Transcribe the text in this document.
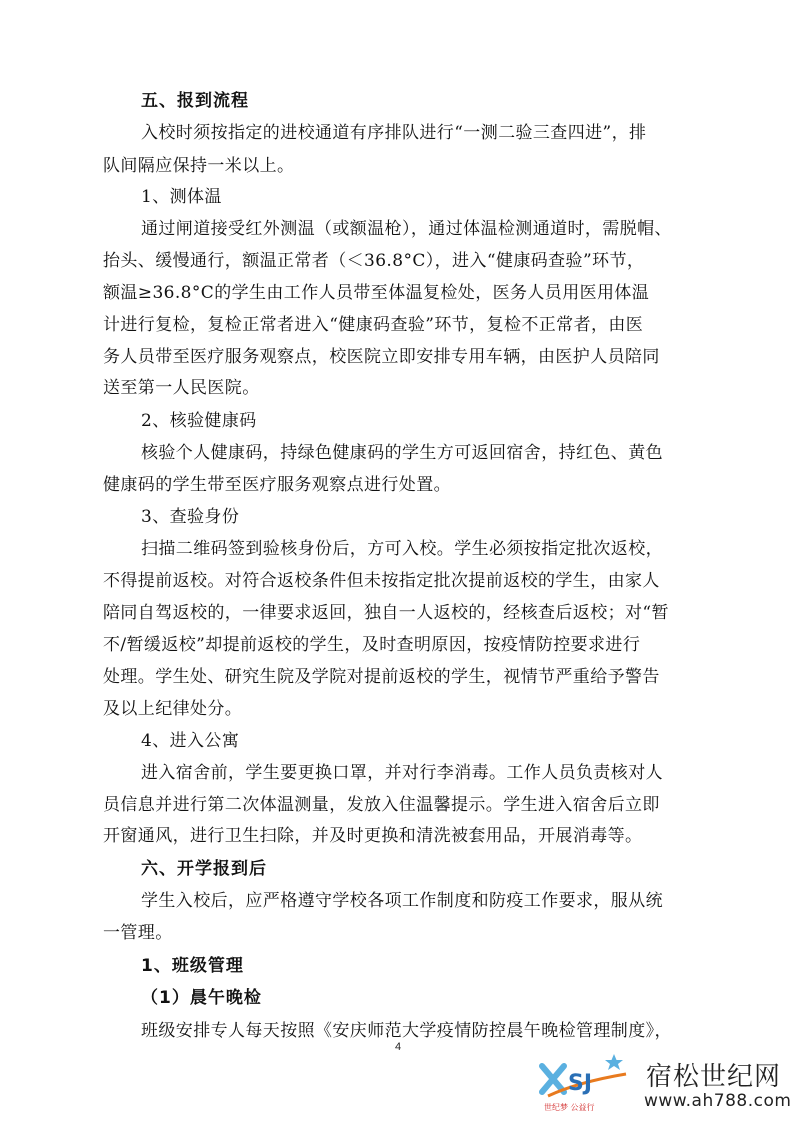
五、报到流程
入校时须按指定的进校通道有序排队进行“一测二验三查四进”，排
队间隔应保持一米以上。
1、测体温
通过闸道接受红外测温（或额温枪），通过体温检测通道时，需脱帽、
抬头、缓慢通行，额温正常者（＜36.8°C），进入“健康码查验”环节，
额温≥36.8°C的学生由工作人员带至体温复检处，医务人员用医用体温
计进行复检，复检正常者进入“健康码查验”环节，复检不正常者，由医
务人员带至医疗服务观察点，校医院立即安排专用车辆，由医护人员陪同
送至第一人民医院。
2、核验健康码
核验个人健康码，持绿色健康码的学生方可返回宿舍，持红色、黄色
健康码的学生带至医疗服务观察点进行处置。
3、查验身份
扫描二维码签到验核身份后，方可入校。学生必须按指定批次返校，
不得提前返校。对符合返校条件但未按指定批次提前返校的学生，由家人
陪同自驾返校的，一律要求返回，独自一人返校的，经核查后返校；对“暂
不/暂缓返校”却提前返校的学生，及时查明原因，按疫情防控要求进行
处理。学生处、研究生院及学院对提前返校的学生，视情节严重给予警告
及以上纪律处分。
4、进入公寓
进入宿舍前，学生要更换口罩，并对行李消毒。工作人员负责核对人
员信息并进行第二次体温测量，发放入住温馨提示。学生进入宿舍后立即
开窗通风，进行卫生扫除，并及时更换和清洗被套用品，开展消毒等。
六、开学报到后
学生入校后，应严格遵守学校各项工作制度和防疫工作要求，服从统
一管理。
1、班级管理
（1）晨午晚检
班级安排专人每天按照《安庆师范大学疫情防控晨午晚检管理制度》，
4
SJ
世纪梦 公益行
宿松世纪网
www.ah788.com
